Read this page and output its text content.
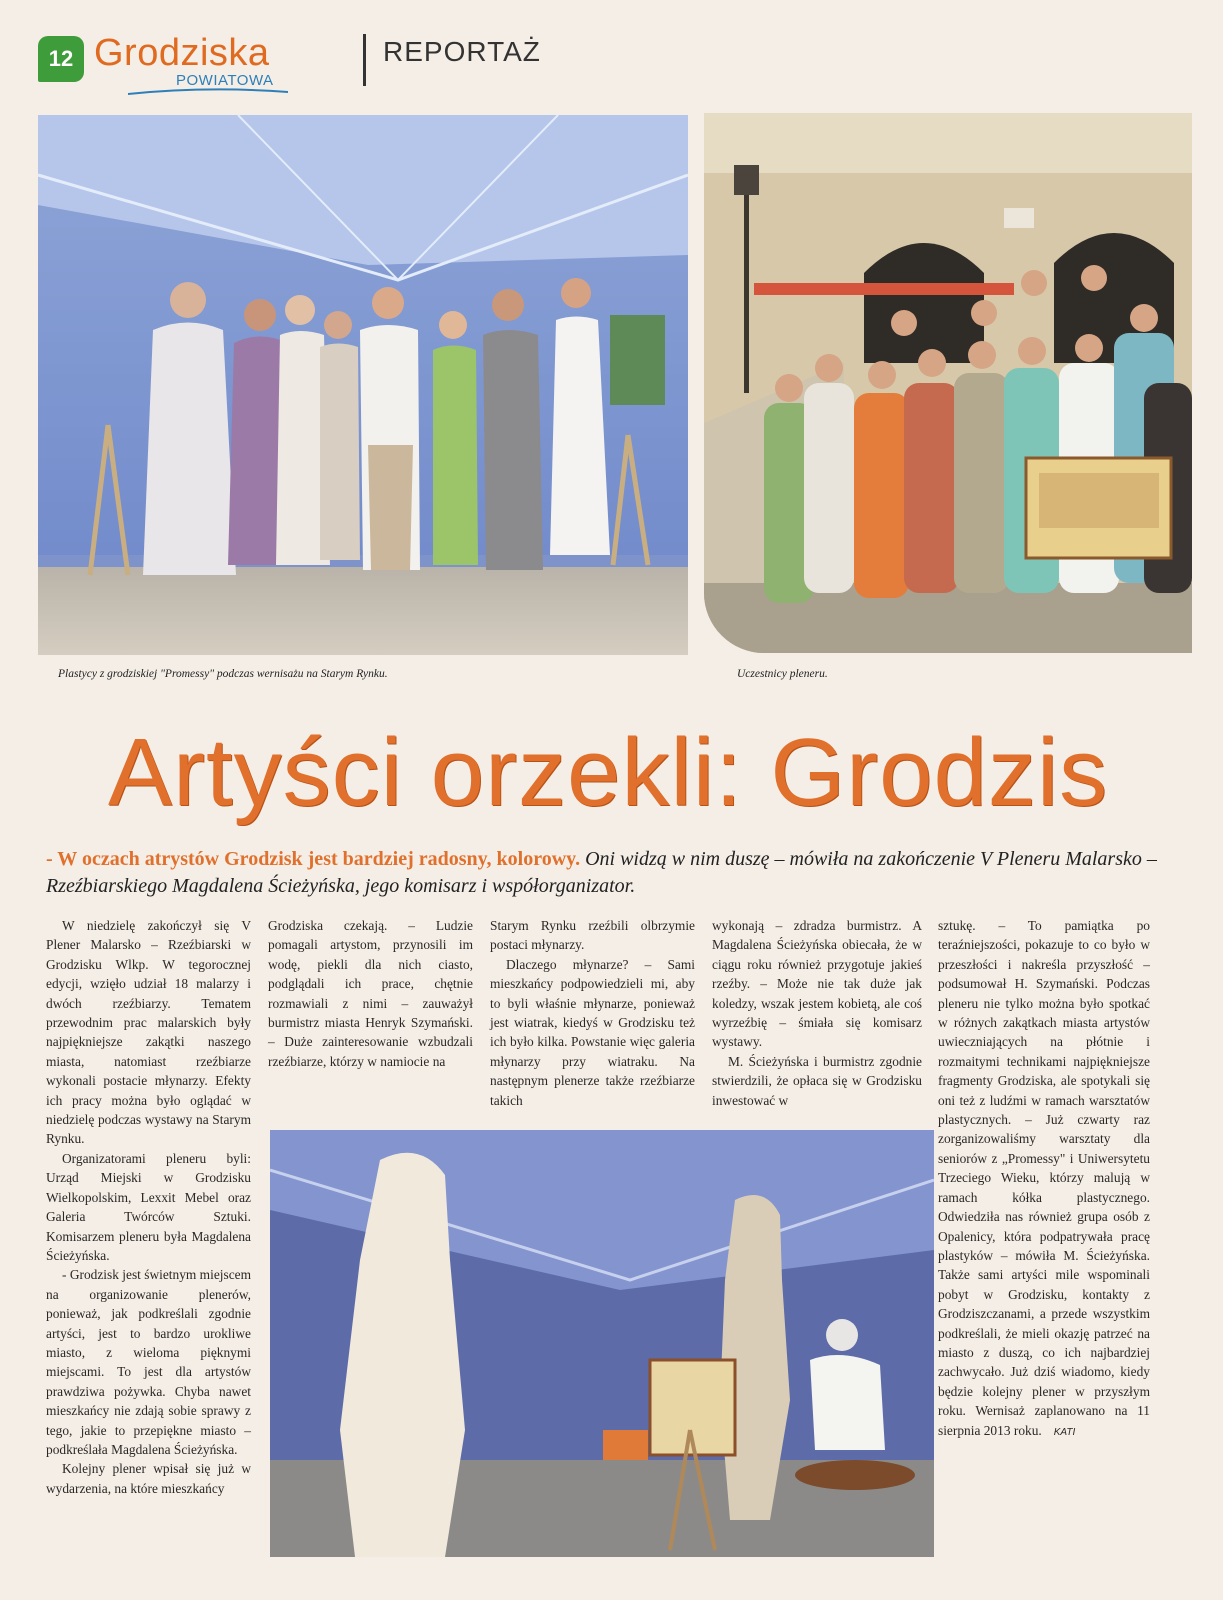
12 Grodziska
POWIATOWA
REPORTAŻ
Plastycy z grodziskiej "Promessy" podczas wernisażu na Starym Rynku.	Uczestnicy pleneru.
Artyści orzekli: Grodzis
- W oczach atrystów Grodzisk jest bardziej radosny, kolorowy. Oni widzą w nim duszę – mówiła na zakończenie V Pleneru Malarsko – Rzeźbiarskiego Magdalena Ścieżyńska, jego komisarz i współorganizator.

W niedzielę zakończył się V Plener Malarsko – Rzeźbiarski w Grodzisku Wlkp. W tegorocznej edycji, wzięło udział 18 malarzy i dwóch rzeźbiarzy. Tematem przewodnim prac malarskich były najpiękniejsze zakątki naszego miasta, natomiast rzeźbiarze wykonali postacie młynarzy. Efekty ich pracy można było oglądać w niedzielę podczas wystawy na Starym Rynku.

Organizatorami pleneru byli: Urząd Miejski w Grodzisku Wielkopolskim, Lexxit Mebel oraz Galeria Twórców Sztuki. Komisarzem pleneru była Magdalena Ścieżyńska.

- Grodzisk jest świetnym miejscem na organizowanie plenerów, ponieważ, jak podkreślali zgodnie artyści, jest to bardzo urokliwe miasto, z wieloma pięknymi miejscami. To jest dla artystów prawdziwa pożywka. Chyba nawet mieszkańcy nie zdają sobie sprawy z tego, jakie to przepiękne miasto – podkreślała Magdalena Ścieżyńska.

Kolejny plener wpisał się już w wydarzenia, na które mieszkańcy

Grodziska czekają. – Ludzie pomagali artystom, przynosili im wodę, piekli dla nich ciasto, podglądali ich prace, chętnie rozmawiali z nimi – zauważył burmistrz miasta Henryk Szymański. – Duże zainteresowanie wzbudzali rzeźbiarze, którzy w namiocie na

Starym Rynku rzeźbili olbrzymie postaci młynarzy.

Dlaczego młynarze? – Sami mieszkańcy podpowiedzieli mi, aby to byli właśnie młynarze, ponieważ jest wiatrak, kiedyś w Grodzisku też ich było kilka. Powstanie więc galeria młynarzy przy wiatraku. Na następnym plenerze także rzeźbiarze takich

wykonają – zdradza burmistrz. A Magdalena Ścieżyńska obiecała, że w ciągu roku również przygotuje jakieś rzeźby. – Może nie tak duże jak koledzy, wszak jestem kobietą, ale coś wyrzeźbię – śmiała się komisarz wystawy.

M. Ścieżyńska i burmistrz zgodnie stwierdzili, że opłaca się w Grodzisku inwestować w

sztukę. – To pamiątka po teraźniejszości, pokazuje to co było w przeszłości i nakreśla przyszłość – podsumował H. Szymański. Podczas pleneru nie tylko można było spotkać w różnych zakątkach miasta artystów uwieczniających na płótnie i rozmaitymi technikami najpiękniejsze fragmenty Grodziska, ale spotykali się oni też z ludźmi w ramach warsztatów plastycznych. – Już czwarty raz zorganizowaliśmy warsztaty dla seniorów z „Promessy" i Uniwersytetu Trzeciego Wieku, którzy malują w ramach kółka plastycznego. Odwiedziła nas również grupa osób z Opalenicy, która podpatrywała pracę plastyków – mówiła M. Ścieżyńska. Także sami artyści mile wspominali pobyt w Grodzisku, kontakty z Grodziszczanami, a przede wszystkim podkreślali, że mieli okazję patrzeć na miasto z duszą, co ich najbardziej zachwycało. Już dziś wiadomo, kiedy będzie kolejny plener w przyszłym roku. Wernisaż zaplanowano na 11 sierpnia 2013 roku. KATI
